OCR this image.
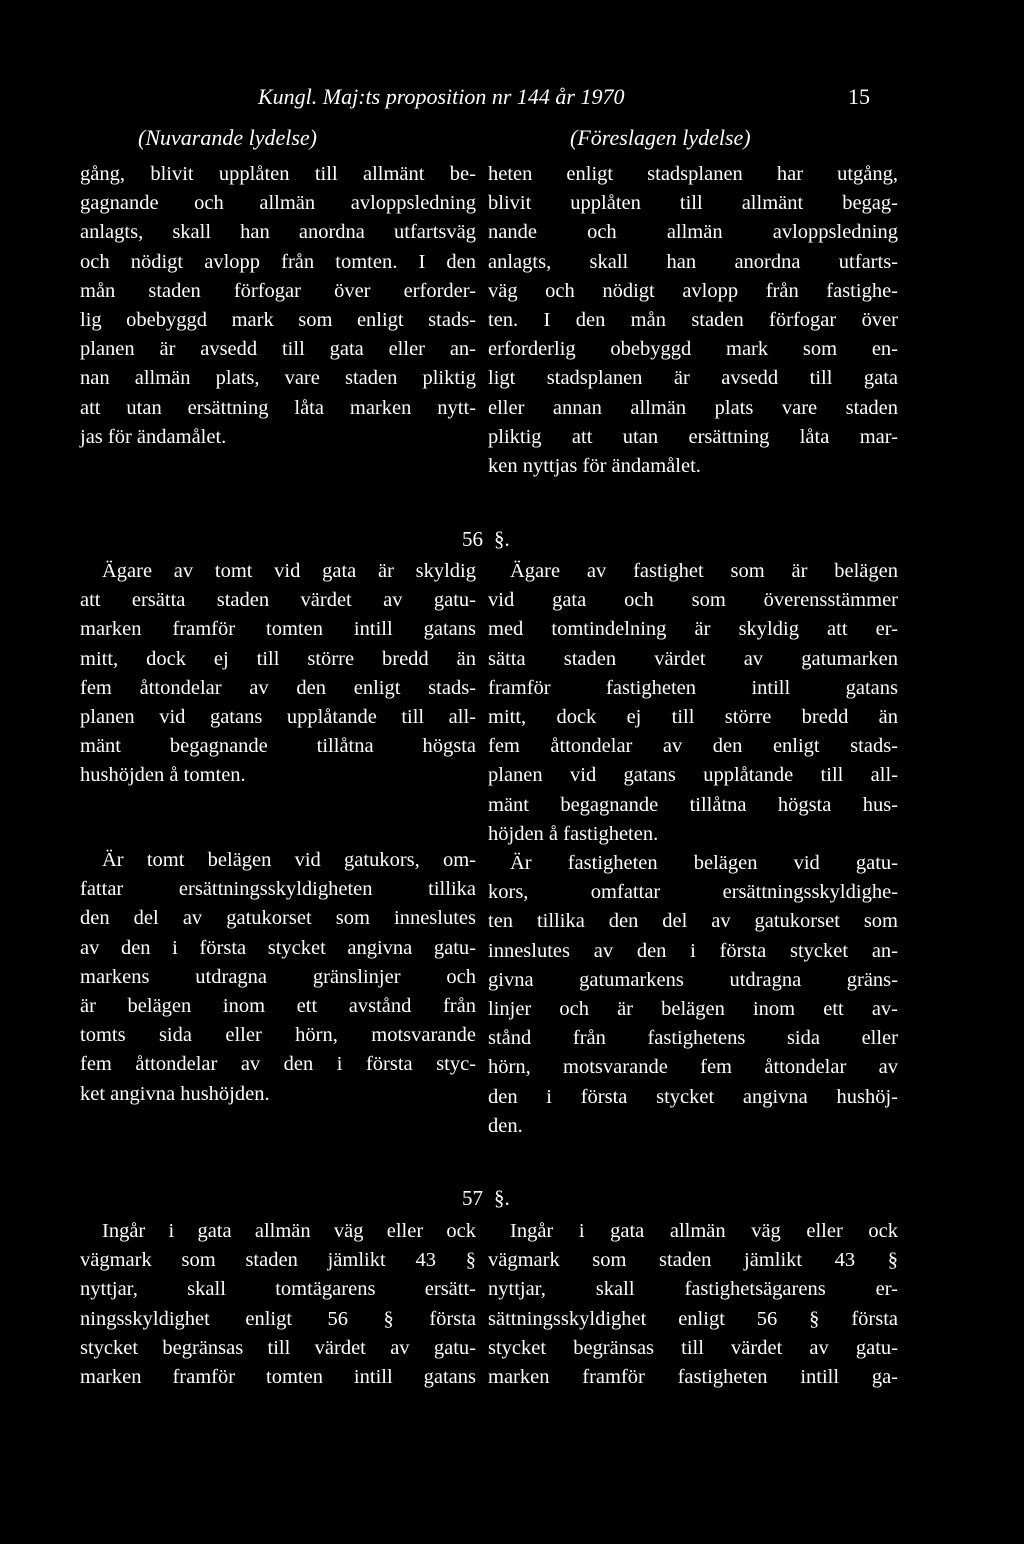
Kungl. Maj:ts proposition nr 144 år 1970	15
(Nuvarande lydelse)	(Föreslagen lydelse)
gång, blivit upplåten till allmänt be-
gagnande och allmän avloppsledning
anlagts, skall han anordna utfartsväg
och nödigt avlopp från tomten. I den
mån staden förfogar över erforder-
lig obebyggd mark som enligt stads-
planen är avsedd till gata eller an-
nan allmän plats, vare staden pliktig
att utan ersättning låta marken nytt-
jas för ändamålet.
heten enligt stadsplanen har utgång,
blivit upplåten till allmänt begag-
nande och allmän avloppsledning
anlagts, skall han anordna utfarts-
väg och nödigt avlopp från fastighe-
ten. I den mån staden förfogar över
erforderlig obebyggd mark som en-
ligt stadsplanen är avsedd till gata
eller annan allmän plats vare staden
pliktig att utan ersättning låta mar-
ken nyttjas för ändamålet.
56 §.
Ägare av tomt vid gata är skyldig
att ersätta staden värdet av gatu-
marken framför tomten intill gatans
mitt, dock ej till större bredd än
fem åttondelar av den enligt stads-
planen vid gatans upplåtande till all-
mänt begagnande tillåtna högsta
hushöjden å tomten.
Är tomt belägen vid gatukors, om-
fattar ersättningsskyldigheten tillika
den del av gatukorset som inneslutes
av den i första stycket angivna gatu-
markens utdragna gränslinjer och
är belägen inom ett avstånd från
tomts sida eller hörn, motsvarande
fem åttondelar av den i första styc-
ket angivna hushöjden.
Ägare av fastighet som är belägen
vid gata och som överensstämmer
med tomtindelning är skyldig att er-
sätta staden värdet av gatumarken
framför fastigheten intill gatans
mitt, dock ej till större bredd än
fem åttondelar av den enligt stads-
planen vid gatans upplåtande till all-
mänt begagnande tillåtna högsta hus-
höjden å fastigheten.
Är fastigheten belägen vid gatu-
kors, omfattar ersättningsskyldighe-
ten tillika den del av gatukorset som
inneslutes av den i första stycket an-
givna gatumarkens utdragna gräns-
linjer och är belägen inom ett av-
stånd från fastighetens sida eller
hörn, motsvarande fem åttondelar av
den i första stycket angivna hushöj-
den.
57 §.
Ingår i gata allmän väg eller ock
vägmark som staden jämlikt 43 §
nyttjar, skall tomtägarens ersätt-
ningsskyldighet enligt 56 § första
stycket begränsas till värdet av gatu-
marken framför tomten intill gatans
Ingår i gata allmän väg eller ock
vägmark som staden jämlikt 43 §
nyttjar, skall fastighetsägarens er-
sättningsskyldighet enligt 56 § första
stycket begränsas till värdet av gatu-
marken framför fastigheten intill ga-
